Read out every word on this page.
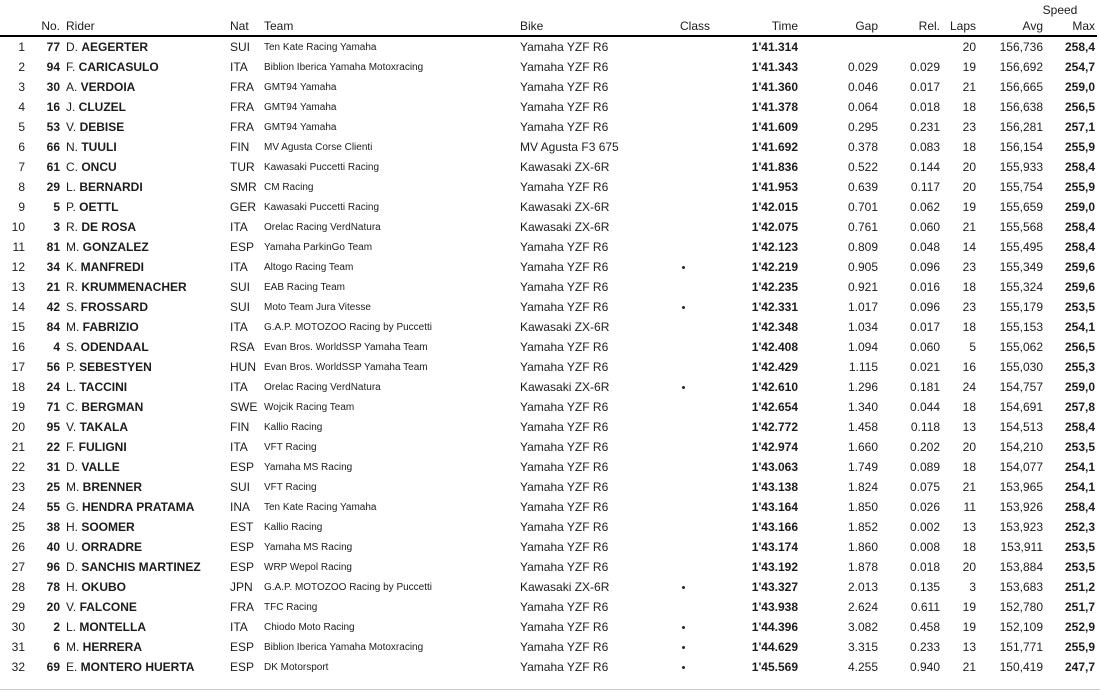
											Speed	
	No.	Rider	Nat	Team	Bike	Class	Time	Gap	Rel.	Laps	Avg	Max
1	77	D. AEGERTER	SUI	Ten Kate Racing Yamaha	Yamaha YZF R6		1'41.314			20	156,736	258,4
2	94	F. CARICASULO	ITA	Biblion Iberica Yamaha Motoxracing	Yamaha YZF R6		1'41.343	0.029	0.029	19	156,692	254,7
3	30	A. VERDOIA	FRA	GMT94 Yamaha	Yamaha YZF R6		1'41.360	0.046	0.017	21	156,665	259,0
4	16	J. CLUZEL	FRA	GMT94 Yamaha	Yamaha YZF R6		1'41.378	0.064	0.018	18	156,638	256,5
5	53	V. DEBISE	FRA	GMT94 Yamaha	Yamaha YZF R6		1'41.609	0.295	0.231	23	156,281	257,1
6	66	N. TUULI	FIN	MV Agusta Corse Clienti	MV Agusta F3 675		1'41.692	0.378	0.083	18	156,154	255,9
7	61	C. ONCU	TUR	Kawasaki Puccetti Racing	Kawasaki ZX-6R		1'41.836	0.522	0.144	20	155,933	258,4
8	29	L. BERNARDI	SMR	CM Racing	Yamaha YZF R6		1'41.953	0.639	0.117	20	155,754	255,9
9	5	P. OETTL	GER	Kawasaki Puccetti Racing	Kawasaki ZX-6R		1'42.015	0.701	0.062	19	155,659	259,0
10	3	R. DE ROSA	ITA	Orelac Racing VerdNatura	Kawasaki ZX-6R		1'42.075	0.761	0.060	21	155,568	258,4
11	81	M. GONZALEZ	ESP	Yamaha ParkinGo Team	Yamaha YZF R6		1'42.123	0.809	0.048	14	155,495	258,4
12	34	K. MANFREDI	ITA	Altogo Racing Team	Yamaha YZF R6		1'42.219	0.905	0.096	23	155,349	259,6
13	21	R. KRUMMENACHER	SUI	EAB Racing Team	Yamaha YZF R6		1'42.235	0.921	0.016	18	155,324	259,6
14	42	S. FROSSARD	SUI	Moto Team Jura Vitesse	Yamaha YZF R6		1'42.331	1.017	0.096	23	155,179	253,5
15	84	M. FABRIZIO	ITA	G.A.P. MOTOZOO Racing by Puccetti	Kawasaki ZX-6R		1'42.348	1.034	0.017	18	155,153	254,1
16	4	S. ODENDAAL	RSA	Evan Bros. WorldSSP Yamaha Team	Yamaha YZF R6		1'42.408	1.094	0.060	5	155,062	256,5
17	56	P. SEBESTYEN	HUN	Evan Bros. WorldSSP Yamaha Team	Yamaha YZF R6		1'42.429	1.115	0.021	16	155,030	255,3
18	24	L. TACCINI	ITA	Orelac Racing VerdNatura	Kawasaki ZX-6R		1'42.610	1.296	0.181	24	154,757	259,0
19	71	C. BERGMAN	SWE	Wojcik Racing Team	Yamaha YZF R6		1'42.654	1.340	0.044	18	154,691	257,8
20	95	V. TAKALA	FIN	Kallio Racing	Yamaha YZF R6		1'42.772	1.458	0.118	13	154,513	258,4
21	22	F. FULIGNI	ITA	VFT Racing	Yamaha YZF R6		1'42.974	1.660	0.202	20	154,210	253,5
22	31	D. VALLE	ESP	Yamaha MS Racing	Yamaha YZF R6		1'43.063	1.749	0.089	18	154,077	254,1
23	25	M. BRENNER	SUI	VFT Racing	Yamaha YZF R6		1'43.138	1.824	0.075	21	153,965	254,1
24	55	G. HENDRA PRATAMA	INA	Ten Kate Racing Yamaha	Yamaha YZF R6		1'43.164	1.850	0.026	11	153,926	258,4
25	38	H. SOOMER	EST	Kallio Racing	Yamaha YZF R6		1'43.166	1.852	0.002	13	153,923	252,3
26	40	U. ORRADRE	ESP	Yamaha MS Racing	Yamaha YZF R6		1'43.174	1.860	0.008	18	153,911	253,5
27	96	D. SANCHIS MARTINEZ	ESP	WRP Wepol Racing	Yamaha YZF R6		1'43.192	1.878	0.018	20	153,884	253,5
28	78	H. OKUBO	JPN	G.A.P. MOTOZOO Racing by Puccetti	Kawasaki ZX-6R		1'43.327	2.013	0.135	3	153,683	251,2
29	20	V. FALCONE	FRA	TFC Racing	Yamaha YZF R6		1'43.938	2.624	0.611	19	152,780	251,7
30	2	L. MONTELLA	ITA	Chiodo Moto Racing	Yamaha YZF R6		1'44.396	3.082	0.458	19	152,109	252,9
31	6	M. HERRERA	ESP	Biblion Iberica Yamaha Motoxracing	Yamaha YZF R6		1'44.629	3.315	0.233	13	151,771	255,9
32	69	E. MONTERO HUERTA	ESP	DK Motorsport	Yamaha YZF R6		1'45.569	4.255	0.940	21	150,419	247,7
